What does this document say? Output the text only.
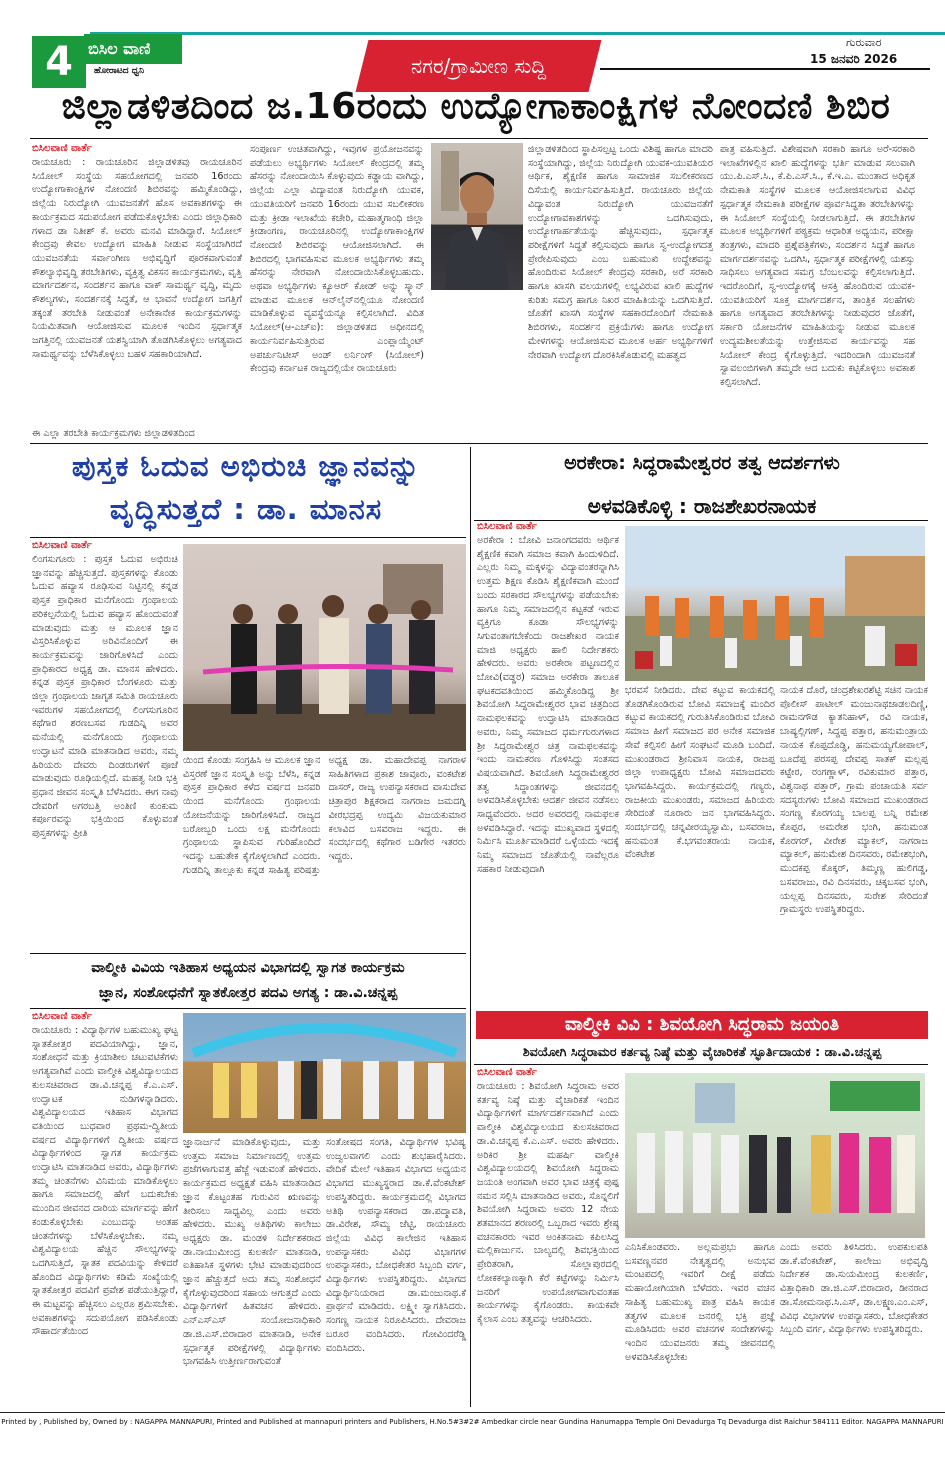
4 ಬಿಸಿಲ ವಾಣಿ
ಹೋರಾಟದ ಧ್ವನಿ	ನಗರ/ಗ್ರಾಮೀಣ ಸುದ್ದಿ
ಗುರುವಾರ
15 ಜನವರಿ 2026
ಜಿಲ್ಲಾಡಳಿತದಿಂದ ಜ.16ರಂದು ಉದ್ಯೋಗಾಕಾಂಕ್ಷಿಗಳ ನೋಂದಣಿ ಶಿಬಿರ
ಬಿಸಿಲವಾಣಿ ವಾರ್ತೆ
ರಾಯಚೂರು : ರಾಯಚೂರಿನ ಜಿಲ್ಲಾಡಳಿತವು ರಾಯಚೂರಿನ ಸಿಯೋಲ್ ಸಂಸ್ಥೆಯ ಸಹಯೋಗದಲ್ಲಿ ಜನವರಿ 16ರಂದು ಉದ್ಯೋಗಾಕಾಂಕ್ಷಿಗಳ ನೋಂದಣಿ ಶಿಬಿರವನ್ನು ಹಮ್ಮಿಕೊಂಡಿದ್ದು, ಜಿಲ್ಲೆಯ ನಿರುದ್ಯೋಗಿ ಯುವಜನತೆಗೆ ಹೊಸ ಅವಕಾಶಗಳನ್ನು ಈ ಕಾರ್ಯಕ್ರಮದ ಸದುಪಯೋಗ ಪಡೆದುಕೊಳ್ಳಬೇಕು ಎಂದು ಜಿಲ್ಲಾಧಿಕಾರಿ ಗಳಾದ ಡಾ ನಿತೀಶ್ ಕೆ. ಅವರು ಮನವಿ ಮಾಡಿದ್ದಾರೆ. ಸಿಯೋಲ್ ಕೇಂದ್ರವು ಕೇವಲ ಉದ್ಯೋಗ ಮಾಹಿತಿ ನೀಡುವ ಸಂಸ್ಥೆಯಾಗಿರದೆ ಯುವಜನತೆಯ ಸರ್ವಾಂಗೀಣ ಅಭಿವೃದ್ಧಿಗೆ ಪೂರಕವಾಗುವಂತೆ ಕೌಶಲ್ಯಾಭಿವೃದ್ಧಿ ತರಬೇತಿಗಳು, ವ್ಯಕ್ತಿತ್ವ ವಿಕಸನ ಕಾರ್ಯಕ್ರಮಗಳು, ವೃತ್ತಿ ಮಾರ್ಗದರ್ಶನ, ಸಂದರ್ಶನ ಹಾಗೂ ವಾಕ್ ಸಾಮರ್ಥ್ಯ ವೃದ್ಧಿ, ಮೃದು ಕೌಶಲ್ಯಗಳು, ಸಂದರ್ಶನಕ್ಕೆ ಸಿದ್ಧತೆ, ಆ ಭಾವನೆ ಉದ್ಯೋಗ ಜಗತ್ತಿಗೆ ತಕ್ಕಂತೆ ತರಬೇತಿ ನೀಡುವಂತೆ ಅನೇಕಾನೇಕ ಕಾರ್ಯಕ್ರಮಗಳನ್ನು ನಿಯಮಿತವಾಗಿ ಆಯೋಜಿಸುವ ಮೂಲಕ ಇಂದಿನ ಸ್ಪರ್ಧಾತ್ಮಕ ಜಗತ್ತಿನಲ್ಲಿ ಯುವಜನತೆ ಯಶಸ್ವಿಯಾಗಿ ತೊಡಗಿಸಿಕೊಳ್ಳಲು ಅಗತ್ಯವಾದ ಸಾಮರ್ಥ್ಯವನ್ನು ಬೆಳೆಸಿಕೊಳ್ಳಲು ಬಹಳ ಸಹಕಾರಿಯಾಗಿದೆ.
ಈ ಎಲ್ಲಾ ತರಬೇತಿ ಕಾರ್ಯಕ್ರಮಗಳು ಜಿಲ್ಲಾಡಳಿತದಿಂದ
ಸಂಪೂರ್ಣ ಉಚಿತವಾಗಿದ್ದು, ಇವುಗಳ ಪ್ರಯೋಜನವನ್ನು ಪಡೆಯಲು ಅಭ್ಯರ್ಥಿಗಳು ಸಿಯೋಲ್ ಕೇಂದ್ರದಲ್ಲಿ ತಮ್ಮ ಹೆಸರನ್ನು ನೋಂದಾಯಿಸಿ ಕೊಳ್ಳುವುದು ಕಡ್ಡಾಯ ವಾಗಿದ್ದು, ಜಿಲ್ಲೆಯ ಎಲ್ಲಾ ವಿದ್ಯಾವಂತ ನಿರುದ್ಯೋಗಿ ಯುವಕ, ಯುವತಿಯರಿಗೆ ಜನವರಿ 16ರಂದು ಯುವ ಸಬಲೀಕರಣ ಮತ್ತು ಕ್ರೀಡಾ ಇಲಾಖೆಯ ಕಚೇರಿ, ಮಹಾತ್ಮಗಾಂಧಿ ಜಿಲ್ಲಾ ಕ್ರೀಡಾಂಗಣ, ರಾಯಚೂರಿನಲ್ಲಿ ಉದ್ಯೋಗಾಕಾಂಕ್ಷಿಗಳ ನೋಂದಣಿ ಶಿಬಿರವನ್ನು ಆಯೋಜಿಸಲಾಗಿದೆ. ಈ ಶಿಬಿರದಲ್ಲಿ ಭಾಗವಹಿಸುವ ಮೂಲಕ ಅಭ್ಯರ್ಥಿಗಳು ತಮ್ಮ ಹೆಸರನ್ನು ನೇರವಾಗಿ ನೋಂದಾಯಿಸಿಕೊಳ್ಳಬಹುದು. ಅಥವಾ ಅಭ್ಯರ್ಥಿಗಳು ಕ್ಯೂಆರ್ ಕೋಡ್ ಅನ್ನು ಸ್ಕ್ಯಾನ್ ಮಾಡುವ ಮೂಲಕ ಆನ್‌ಲೈನ್‌ನಲ್ಲಿಯೂ ನೋಂದಣಿ ಮಾಡಿಕೊಳ್ಳುವ ವ್ಯವಸ್ಥೆಯನ್ನೂ ಕಲ್ಪಿಸಲಾಗಿದೆ. ವಿದಿತ ಸಿಯೋಲ್(ಆ-ಎಚ್ಐ): ಜಿಲ್ಲಾಡಳಿತದ ಅಧೀನದಲ್ಲಿ ಕಾರ್ಯನಿರ್ವಹಿಸುತ್ತಿರುವ ಎಂಪ್ಲಾಯ್ಮೆಂಟ್ ಅಪರ್ಚುನಿಟೀಸ್ ಅಂಡ್ ಲರ್ನಿಂಗ್ (ಸಿಯೋಲ್) ಕೇಂದ್ರವು ಕರ್ನಾಟಕ ರಾಜ್ಯದಲ್ಲಿಯೇ ರಾಯಚೂರು
ಜಿಲ್ಲಾಡಳಿತದಿಂದ ಸ್ಥಾಪಿಸಲ್ಪಟ್ಟ ಒಂದು ವಿಶಿಷ್ಟ ಹಾಗೂ ಮಾದರಿ ಸಂಸ್ಥೆಯಾಗಿದ್ದು, ಜಿಲ್ಲೆಯ ನಿರುದ್ಯೋಗಿ ಯುವಕ-ಯುವತಿಯರ ಆರ್ಥಿಕ, ಶೈಕ್ಷಣಿಕ ಹಾಗೂ ಸಾಮಾಜಿಕ ಸಬಲೀಕರಣದ ದಿಸೆಯಲ್ಲಿ ಕಾರ್ಯನಿರ್ವಹಿಸುತ್ತಿದೆ. ರಾಯಚೂರು ಜಿಲ್ಲೆಯ ವಿದ್ಯಾವಂತ ನಿರುದ್ಯೋಗಿ ಯುವಜನತೆಗೆ ಉದ್ಯೋಗಾವಕಾಶಗಳನ್ನು ಒದಗಿಸುವುದು, ಉದ್ಯೋಗಾರ್ಹತೆಯನ್ನು ಹೆಚ್ಚಿಸುವುದು, ಸ್ಪರ್ಧಾತ್ಮಕ ಪರೀಕ್ಷೆಗಳಿಗೆ ಸಿದ್ಧತೆ ಕಲ್ಪಿಸುವುದು ಹಾಗೂ ಸ್ವ-ಉದ್ಯೋಗದತ್ತ ಪ್ರೇರೇಪಿಸುವುದು ಎಂಬ ಬಹುಮುಖಿ ಉದ್ದೇಶವನ್ನು ಹೊಂದಿರುವ ಸಿಯೋಲ್ ಕೇಂದ್ರವು ಸರಕಾರಿ, ಅರೆ ಸರಕಾರಿ ಹಾಗೂ ಖಾಸಗಿ ವಲಯಗಳಲ್ಲಿ ಲಭ್ಯವಿರುವ ಖಾಲಿ ಹುದ್ದೆಗಳ ಕುರಿತು ಸಮಗ್ರ ಹಾಗೂ ನಿಖರ ಮಾಹಿತಿಯನ್ನು ಒದಗಿಸುತ್ತಿದೆ. ಜೊತೆಗೆ ಖಾಸಗಿ ಸಂಸ್ಥೆಗಳ ಸಹಕಾರದೊಂದಿಗೆ ನೇಮಕಾತಿ ಶಿಬಿರಗಳು, ಸಂದರ್ಶನ ಪ್ರಕ್ರಿಯೆಗಳು ಹಾಗೂ ಉದ್ಯೋಗ ಮೇಳಗಳನ್ನು ಆಯೋಜಿಸುವ ಮೂಲಕ ಅರ್ಹ ಅಭ್ಯರ್ಥಿಗಳಿಗೆ ನೇರವಾಗಿ ಉದ್ಯೋಗ ದೊರಕಿಸಿಕೊಡುವಲ್ಲಿ ಮಹತ್ವದ
ಪಾತ್ರ ವಹಿಸುತ್ತಿದೆ. ವಿಶೇಷವಾಗಿ ಸರಕಾರಿ ಹಾಗೂ ಅರೆ-ಸರಕಾರಿ ಇಲಾಖೆಗಳಲ್ಲಿನ ಖಾಲಿ ಹುದ್ದೆಗಳನ್ನು ಭರ್ತಿ ಮಾಡುವ ಸಲುವಾಗಿ ಯು.ಪಿ.ಎಸ್.ಸಿ., ಕೆ.ಪಿ.ಎಸ್.ಸಿ., ಕೆ.ಇ.ಎ. ಮುಂತಾದ ಅಧಿಕೃತ ನೇಮಕಾತಿ ಸಂಸ್ಥೆಗಳ ಮೂಲಕ ಆಯೋಜಿಸಲಾಗುವ ವಿವಿಧ ಸ್ಪರ್ಧಾತ್ಮಕ ನೇಮಕಾತಿ ಪರೀಕ್ಷೆಗಳ ಪೂರ್ವಸಿದ್ಧತಾ ತರಬೇತಿಗಳನ್ನು ಈ ಸಿಯೋಲ್ ಸಂಸ್ಥೆಯಲ್ಲಿ ನೀಡಲಾಗುತ್ತಿದೆ. ಈ ತರಬೇತಿಗಳ ಮೂಲಕ ಅಭ್ಯರ್ಥಿಗಳಿಗೆ ಪಠ್ಯಕ್ರಮ ಆಧಾರಿತ ಅಧ್ಯಯನ, ಪರೀಕ್ಷಾ ತಂತ್ರಗಳು, ಮಾದರಿ ಪ್ರಶ್ನೆಪತ್ರಿಕೆಗಳು, ಸಂದರ್ಶನ ಸಿದ್ಧತೆ ಹಾಗೂ ಮಾರ್ಗದರ್ಶನವನ್ನು ಒದಗಿಸಿ, ಸ್ಪರ್ಧಾತ್ಮಕ ಪರೀಕ್ಷೆಗಳಲ್ಲಿ ಯಶಸ್ಸು ಸಾಧಿಸಲು ಅಗತ್ಯವಾದ ಸಮಗ್ರ ಬೆಂಬಲವನ್ನು ಕಲ್ಪಿಸಲಾಗುತ್ತಿದೆ. ಇದರೊಂದಿಗೆ, ಸ್ವ-ಉದ್ಯೋಗಕ್ಕೆ ಆಸಕ್ತಿ ಹೊಂದಿರುವ ಯುವಕ-ಯುವತಿಯರಿಗೆ ಸೂಕ್ತ ಮಾರ್ಗದರ್ಶನ, ತಾಂತ್ರಿಕ ಸಲಹೆಗಳು ಹಾಗೂ ಅಗತ್ಯವಾದ ತರಬೇತಿಗಳನ್ನು ನೀಡುವುದರ ಜೊತೆಗೆ, ಸರ್ಕಾರಿ ಯೋಜನೆಗಳ ಮಾಹಿತಿಯನ್ನು ನೀಡುವ ಮೂಲಕ ಉದ್ಯಮಶೀಲತೆಯನ್ನು ಉತ್ತೇಜಿಸುವ ಕಾರ್ಯವನ್ನು ಸಹ ಸಿಯೋಲ್ ಕೇಂದ್ರ ಕೈಗೊಳ್ಳುತ್ತಿದೆ. ಇದರಿಂದಾಗಿ ಯುವಜನತೆ ಸ್ವಾವಲಂಬಿಗಳಾಗಿ ತಮ್ಮದೇ ಆದ ಬದುಕು ಕಟ್ಟಿಕೊಳ್ಳಲು ಅವಕಾಶ ಕಲ್ಪಿಸಲಾಗಿದೆ.
ಪುಸ್ತಕ ಓದುವ ಅಭಿರುಚಿ ಜ್ಞಾನವನ್ನು
ವೃದ್ಧಿಸುತ್ತದೆ : ಡಾ. ಮಾನಸ
ಬಿಸಿಲವಾಣಿ ವಾರ್ತೆ
ಲಿಂಗಸುಗೂರು : ಪುಸ್ತಕ ಓದುವ ಅಭಿರುಚಿ ಜ್ಞಾನವನ್ನು ಹೆಚ್ಚಿಸುತ್ತದೆ. ಪುಸ್ತಕಗಳನ್ನು ಕೊಂಡು ಓದುವ ಹವ್ಯಾಸ ರೂಢಿಸುವ ನಿಟ್ಟಿನಲ್ಲಿ ಕನ್ನಡ ಪುಸ್ತಕ ಪ್ರಾಧಿಕಾರ ಮನೆಗೊಂದು ಗ್ರಂಥಾಲಯ ಪರಿಕಲ್ಪನೆಯಲ್ಲಿ ಓದುವ ಹವ್ಯಾಸ ಹೊಂದುವಂತೆ ಮಾಡುವುದು ಮತ್ತು ಆ ಮೂಲಕ ಜ್ಞಾನ ವಿಸ್ತರಿಸಿಕೊಳ್ಳುವ ಅರಿವಿನೊಂದಿಗೆ ಈ ಕಾರ್ಯಕ್ರಮವನ್ನು ಜಾರಿಗೊಳಿಸಿದೆ ಎಂದು ಪ್ರಾಧಿಕಾರದ ಅಧ್ಯಕ್ಷ ಡಾ. ಮಾನಸ ಹೇಳಿದರು. ಕನ್ನಡ ಪುಸ್ತಕ ಪ್ರಾಧಿಕಾರ ಬೆಂಗಳೂರು ಮತ್ತು ಜಿಲ್ಲಾ ಗ್ರಂಥಾಲಯ ಜಾಗೃತ ಸಮಿತಿ ರಾಯಚೂರು ಇವರುಗಳ ಸಹಯೋಗದಲ್ಲಿ ಲಿಂಗಸುಗೂರಿನ ಕಥೆಗಾರ ಶರಣಬಸವ ಗುಡದಿನ್ನಿ ಅವರ ಮನೆಯಲ್ಲಿ ಮನೆಗೊಂದು ಗ್ರಂಥಾಲಯ ಉದ್ಘಾಟನೆ ಮಾಡಿ ಮಾತನಾಡಿದ ಅವರು, ನಮ್ಮ ಹಿರಿಯರು ದೇವರು ದಿಂಡರುಗಳಿಗೆ ಪೂಜೆ ಮಾಡುವುದು ರೂಢಿಯಲ್ಲಿದೆ. ಮಹತ್ವ ನೀಡಿ ಭಕ್ತಿ ಪ್ರಧಾನ ಜೀವನ ಸಂಸ್ಕೃತಿ ಬೆಳೆಸಿದರು. ಈಗ ನಾವು ದೇವರಿಗೆ ಅಗರಬತ್ತಿ ಅಂತಿಣಿ ಕುಂಕುಮ ಕರ್ಪೂರವನ್ನು ಭಕ್ತಿಯಿಂದ ಕೊಳ್ಳುವಂತೆ ಪುಸ್ತಕಗಳನ್ನು ಪ್ರೀತಿ
ಯಿಂದ ಕೊಂಡು ಸಂಗ್ರಹಿಸಿ ಆ ಮೂಲಕ ಜ್ಞಾನ ವಿಸ್ತರಣೆ ಜ್ಞಾನ ಸಂಸ್ಕೃತಿ ಅನ್ನು ಬೆಳೆಸಿ, ಕನ್ನಡ ಪುಸ್ತಕ ಪ್ರಾಧಿಕಾರ ಕಳೆದ ವರ್ಷದ ಜನವರಿ ಯಿಂದ ಮನೆಗೊಂದು ಗ್ರಂಥಾಲಯ ಯೋಜನೆಯನ್ನು ಜಾರಿಗೊಳಿಸಿದೆ. ರಾಜ್ಯದ ಬರೋಬ್ಬರಿ ಒಂದು ಲಕ್ಷ ಮನೆಗೊಂದು ಗ್ರಂಥಾಲಯ ಸ್ಥಾಪಿಸುವ ಗುರಿಹೊಂದಿದೆ ಇದನ್ನು ಬಹುತೇಕ ಕೈಗೊಳ್ಳಲಾಗಿದೆ ಎಂದರು. ಗುಡದಿನ್ನಿ ತಾಲ್ಲೂಕು ಕನ್ನಡ ಸಾಹಿತ್ಯ ಪರಿಷತ್ತು ಅಧ್ಯಕ್ಷ ಡಾ. ಮಹಾದೇವಪ್ಪ ನಾಗರಾಳ ಸಾಹಿತಿಗಳಾದ ಪ್ರಕಾಶ ಜಾವೂರು, ವಂಕಟೇಶ ದಾಸರ್, ರಾಜ್ಯ ಉಪನ್ಯಾಸಕರಾದ ವಾಸುದೇವ ಚಿತ್ರಾಪುರ ಶಿಕ್ಷಕರಾದ ನಾಗರಾಜ ಜಮದಗ್ನಿ ವೀರಭದ್ರಪ್ಪ ಉದ್ಯಮಿ ವಿಜಯಕುಮಾರ ಕಲಾವಿದ ಬಸವರಾಜ ಇದ್ದರು. ಈ ಸಂದರ್ಭದಲ್ಲಿ ಕಥೆಗಾರ ಬಡಿಗೇರ ಇತರರು ಇದ್ದರು.
ಅರಕೇರಾ: ಸಿದ್ಧರಾಮೇಶ್ವರರ ತತ್ವ ಆದರ್ಶಗಳು
ಅಳವಡಿಕೊಳ್ಳಿ : ರಾಜಶೇಖರನಾಯಕ
ಬಿಸಿಲವಾಣಿ ವಾರ್ತೆ
ಅರಕೇರಾ : ಬೋವಿ ಜನಾಂಗದವರು ಆರ್ಥಿಕ ಶೈಕ್ಷಣಿಕ ಕವಾಗಿ ಸಮಾಜ ಕವಾಗಿ ಹಿಂದುಳಿದಿದೆ. ಎಲ್ಲರು ನಿಮ್ಮ ಮಕ್ಕಳನ್ನು ವಿದ್ಯಾವಂತರನ್ನಾಗಿಸಿ ಉತ್ತಮ ಶಿಕ್ಷಣ ಕೊಡಿಸಿ ಶೈಕ್ಷಣಿಕವಾಗಿ ಮುಂದೆ ಬಂದು ಸರಕಾರದ ಸೌಲಭ್ಯಗಳನ್ನು ಪಡೆಯಬೇಕು ಹಾಗೂ ನಿಮ್ಮ ಸಮಾಜದಲ್ಲಿನ ಕಟ್ಟಕಡೆ ಇರುವ ವ್ಯಕ್ತಿಗೂ ಕೂಡಾ ಸೌಲಭ್ಯಗಳನ್ನು ಸಿಗುವಂತಾಗಬೇಕೆಂದು ರಾಜಶೇಖರ ನಾಯಕ ಮಾಜಿ ಅಧ್ಯಕ್ಷರು ಹಾಲಿ ನಿರ್ದೇಶಕರು ಹೇಳಿದರು. ಅವರು ಅರಕೇರಾ ಪಟ್ಟಣದಲ್ಲಿನ ಬೋವಿ(ವಡ್ಡರ) ಸಮಾಜ ಅರಕೇರಾ ತಾಲೂಕ ಘಟಕದವತಿಯಿಂದ ಹಮ್ಮಿಕೊಂಡಿದ್ದ ಶ್ರೀ ಶಿವಯೋಗಿ ಸಿದ್ಧರಾಮೇಶ್ವರರ ಭಾವ ಚಿತ್ರದಿಂದ ನಾಮಫಲಕವನ್ನು ಉದ್ಘಾಟಿಸಿ ಮಾತನಾಡಿದ ಅವರು, ನಿಮ್ಮ ಸಮಾಜದ ಧರ್ಮಗುರುಗಳಾದ ಶ್ರೀ ಸಿದ್ಧರಾಮೇಶ್ವರ ಚಿತ್ರ ನಾಮಫಲಕವನ್ನು ಇಂದು ನಾಮಕರಣ ಗೊಳಿಸಿದ್ದು ಸಂತಸದ ವಿಷಯವಾಗಿದೆ. ಶಿವಯೋಗಿ ಸಿದ್ದರಾಮೇಶ್ವರರ ತತ್ವ ಸಿದ್ಧಾಂತಗಳನ್ನು ಜೀವನದಲ್ಲಿ ಅಳವಡಿಸಿಕೊಳ್ಳಬೇಕು ಆದರ್ಶ ಜೀವನ ನಡೆಸಲು ಸಾಧ್ಯವೆಂದರು. ಅದರ ಅವರದಲ್ಲಿ ನಾಮಫಲಕ ಅಳವಡಿಸಿದ್ದಾರೆ. ಇದನ್ನು ಮುಖ್ಯವಾದ ಸ್ಥಳದಲ್ಲಿ ನಿರ್ಮಿಸಿ ಮೂರ್ತಿಮಾಡಿದರೆ ಒಳ್ಳೆಯದು ಇದಕ್ಕೆ ನಿಮ್ಮ ಸಮಾಜದ ಜೊತೆಯಲ್ಲಿ ನಾವೆಲ್ಲರೂ ಸಹಕಾರ ನೀಡುವುದಾಗಿ
ಭರವಸೆ ನೀಡಿದರು. ದೇವ ಕಟ್ಟುವ ಕಾಯಕದಲ್ಲಿ ತೊಡಗಿಕೊಂಡಿರುವ ಬೋವಿ ಸಮಾಜಕ್ಕೆ ಮಂದಿರ ಕಟ್ಟುವ ಕಾಯಕದಲ್ಲಿ ಗುರುತಿಸಿಕೊಂಡಿರುವ ಬೋವಿ ಸಮಾಜ ಹೀಗೆ ಸಮಾಜದ ಪರ ಅನೇಕ ಸಮಾಜಿಕ ಸೇವೆ ಕಲ್ಪಿಸಲಿ ಹೀಗೆ ಸಂಘಟನೆ ಮೂಡಿ ಬಂದಿದೆ. ಮುಖಂಡರಾದ ಶ್ರೀನಿವಾಸ ನಾಯಕ, ರಾಜಪ್ಪ ಜಿಲ್ಲಾ ಉಪಾಧ್ಯಕ್ಷರು ಬೋವಿ ಸಮಾಜದವರು ಭಾಗವಹಿಸಿದ್ದರು. ಕಾರ್ಯಕ್ರಮದಲ್ಲಿ ಗಣ್ಯರು, ರಾಜಕೀಯ ಮುಖಂಡರು, ಸಮಾಜದ ಹಿರಿಯರು ಸೇರಿದಂತೆ ನೂರಾರು ಜನ ಭಾಗವಹಿಸಿದ್ದರು. ಸಂದರ್ಭದಲ್ಲಿ ಚನ್ನವೀರಯ್ಯಸ್ವಾಮಿ, ಬಸವರಾಜ, ಹನುಮಂತ ಕೆ.ಭಗವಂತರಾಯ ನಾಯಕ, ವೆಂಕಟೇಶ
ನಾಯಕ ದೊರೆ, ಚಂದ್ರಶೇಖರಶೆಟ್ಟಿ ಸಚಿನ ನಾಯಕ ಪೊಲೀಸ್ ಪಾಟೀಲ್ ಮಂಜುನಾಥಜಾಡಲದಿಣ್ಣಿ, ರಾಮನಗೌಡ ಕ್ಯಾತನಿಹಾಳ್, ರವಿ ನಾಯಕ, ಬಾಷ್ಯಲ್ಲಿಗಣ್, ಸಿದ್ದಪ್ಪ ಪತ್ತಾರ, ಹನುಮಂತ್ರಾಯ ನಾಯಕ ಕೊಪ್ಪದೊಡ್ಡಿ, ಹನುಮಯ್ಯಗೋಪಾಲ್, ಬೂದೆಪ್ಪ ಪರಸಪ್ಪ ದೇವಪ್ಪ ಸಾತಕ್ ಮಲ್ಲಪ್ಪ ಕಟ್ಟೇರ, ರಂಗಣ್ಣಾಳ್, ರವಿಕುಮಾರ ಪತ್ತಾರ, ವಿಶ್ವನಾಥ ಪತ್ತಾರ್, ಗ್ರಾಮ ಪಂಚಾಯತಿ ಸರ್ವ ಸದಸ್ಯರುಗಳು ಬೋವಿ ಸಮಾಜದ ಮುಖಂಡರಾದ ಸಂಗಣ್ಣ ಕೊರಗಯ್ಯ ಬಾಲಪ್ಪ ಬನ್ನಿ ರಮೇಶ ಕೊಪ್ಪರ, ಅಮರೇಶ ಭಂಗಿ, ಹನುಮಂತ ಕೊರಗರ್, ವೀರೇಶ ಮ್ಯಾಕಲ್, ನಾಗರಾಜ ಮ್ಯಾಕಲ್, ಹನುಮೇಶ ದಿನಸವರು, ರಮೇಶಭಂಗಿ, ಮುದಕಪ್ಪ ಕೊಕ್ಕರ್, ತಿಮ್ಮಣ್ಣ ಹುಲಿಗಡ್ಡ, ಬಸವರಾಜು, ರವಿ ದಿನಸವರು, ಚಿಕ್ಕಬಸವ ಭಂಗಿ, ಯಲ್ಲಪ್ಪ ದಿನಸವರು, ಸುರೇಶ ಸೇರಿದಂತೆ ಗ್ರಾಮಸ್ಥರು ಉಪಸ್ಥಿತರಿದ್ದರು.
ವಾಲ್ಮೀಕಿ ವಿವಿಯ ಇತಿಹಾಸ ಅಧ್ಯಯನ ವಿಭಾಗದಲ್ಲಿ ಸ್ವಾಗತ ಕಾರ್ಯಕ್ರಮ
ಜ್ಞಾನ, ಸಂಶೋಧನೆಗೆ ಸ್ನಾತಕೋತ್ತರ ಪದವಿ ಅಗತ್ಯ : ಡಾ.ವಿ.ಚನ್ನಪ್ಪ
ಬಿಸಿಲವಾಣಿ ವಾರ್ತೆ
ರಾಯಚೂರು : ವಿದ್ಯಾರ್ಥಿಗಳ ಬಹುಮುಖ್ಯ ಘಟ್ಟ ಸ್ನಾತಕೋತ್ತರ ಪದವಿಯಾಗಿದ್ದು, ಜ್ಞಾನ, ಸಂಶೋಧನೆ ಮತ್ತು ಕ್ರಿಯಾಶೀಲ ಚಟುವಟಿಕೆಗಳು ಅಗತ್ಯವಾಗಿವೆ ಎಂದು ವಾಲ್ಮೀಕಿ ವಿಶ್ವವಿದ್ಯಾಲಯದ ಕುಲಸಚಿವರಾದ ಡಾ.ವಿ.ಚನ್ನಪ್ಪ ಕೆ.ಎ.ಎಸ್. ಉದ್ಘಾಟಕ ನುಡಿಗಳನ್ನಾಡಿದರು. ವಿಶ್ವವಿದ್ಯಾಲಯದ ಇತಿಹಾಸ ವಿಭಾಗದ ವತಿಯಿಂದ ಬುಧವಾರ ಪ್ರಥಮ-ದ್ವಿತೀಯ ವರ್ಷದ ವಿದ್ಯಾರ್ಥಿಗಳಿಗೆ ದ್ವಿತೀಯ ವರ್ಷದ ವಿದ್ಯಾರ್ಥಿಗಳಿಂದ ಸ್ವಾಗತ ಕಾರ್ಯಕ್ರಮ ಉದ್ಘಾಟಿಸಿ ಮಾತನಾಡಿದ ಅವರು, ವಿದ್ಯಾರ್ಥಿಗಳು ತಮ್ಮ ಚಿಂತನೆಗಳು ವಿನಿಮಯ ಮಾಡಿಕೊಳ್ಳಲು ಹಾಗೂ ಸಮಾಜದಲ್ಲಿ ಹೇಗೆ ಬದುಕಬೇಕು ಮುಂದಿನ ಜೀವನದ ದಾರಿಯ ಮಾರ್ಗವನ್ನು ಹೇಗೆ ಕಂಡುಕೊಳ್ಳಬೇಕು ಎಂಬುದನ್ನು ಅಂತಹ ಚಿಂತನೆಗಳನ್ನು ಬೆಳೆಸಿಕೊಳ್ಳಬೇಕು. ನಮ್ಮ ವಿಶ್ವವಿದ್ಯಾಲಯ ಹೆಚ್ಚಿನ ಸೌಲಭ್ಯಗಳನ್ನು ಒದಗಿಸುತ್ತಿದೆ, ಸ್ನಾತಕ ಪದವಿಯನ್ನು ಕೇಳಿದರೆ ಹೊಂದಿದ ವಿದ್ಯಾರ್ಥಿಗಳು ಕಡಿಮೆ ಸಂಖ್ಯೆಯಲ್ಲಿ ಸ್ನಾತಕೋತ್ತರ ಪದವಿಗೆ ಪ್ರವೇಶ ಪಡೆಯುತ್ತಿದ್ದಾರೆ, ಈ ಮಟ್ಟವನ್ನು ಹೆಚ್ಚಿಸಲು ಎಲ್ಲರೂ ಶ್ರಮಿಸಬೇಕು. ಅವಕಾಶಗಳನ್ನು ಸದುಪಯೋಗ ಪಡಿಸಿಕೊಂಡು ಸೌಹಾರ್ದತೆಯಿಂದ
ಜ್ಞಾನಾರ್ಜನೆ ಮಾಡಿಕೊಳ್ಳುವುದು, ಮತ್ತು ಉತ್ತಮ ಸಮಾಜ ನಿರ್ಮಾಣದಲ್ಲಿ ಉತ್ತಮ ಪ್ರಜೆಗಳಾಗುವತ್ತ ಹೆಜ್ಜೆ ಇಡುವಂತೆ ಹೇಳಿದರು. ಕಾರ್ಯಕ್ರಮದ ಅಧ್ಯಕ್ಷತೆ ವಹಿಸಿ ಮಾತನಾಡಿದ ಜ್ಞಾನ ಕೊಟ್ಟಂತಹ ಗುರುವಿನ ಋಣವನ್ನು ತೀರಿಸಲು ಸಾಧ್ಯವಿಲ್ಲ ಎಂದು ಅವರು ಹೇಳಿದರು. ಮುಖ್ಯ ಅತಿಥಿಗಳು ಕಾಲೇಜು ಅಧ್ಯಕ್ಷರು ಡಾ. ಮಂಡಳಿ ನಿರ್ದೇಶಕರಾದ ಡಾ.ನಾಯುಮೀಂದ್ರ ಕುಲಕರ್ಣಿ ಮಾತನಾಡಿ, ಐತಿಹಾಸಿಕ ಸ್ಥಳಗಳು ಭೇಟಿ ಮಾಡುವುದರಿಂದ ಜ್ಞಾನ ಹೆಚ್ಚುತ್ತದೆ ಅದು ತಮ್ಮ ಸಂಶೋಧನೆ ಕೈಗೊಳ್ಳುವುದರಿಂದ ಸಹಾಯ ಆಗುತ್ತದೆ ಎಂದು ವಿದ್ಯಾರ್ಥಿಗಳಿಗೆ ಹಿತವಚನ ಹೇಳಿದರು. ಎನ್ಎಸ್ಎಸ್ ಸಂಯೋಜನಾಧಿಕಾರಿ ಡಾ.ಜಿ.ಎಸ್.ಬಿರಾದಾರ ಮಾತನಾಡಿ, ಅನೇಕ ಸ್ಪರ್ಧಾತ್ಮಕ ಪರೀಕ್ಷೆಗಳಲ್ಲಿ ವಿದ್ಯಾರ್ಥಿಗಳು ಭಾಗವಹಿಸಿ ಉತ್ತೀರ್ಣರಾಗುವಂತೆ
ಸಂತೋಷದ ಸಂಗತಿ, ವಿದ್ಯಾರ್ಥಿಗಳ ಭವಿಷ್ಯ ಉಜ್ವಲವಾಗಲಿ ಎಂದು ಶುಭಹಾರೈಸಿದರು. ವೇದಿಕೆ ಮೇಲೆ ಇತಿಹಾಸ ವಿಭಾಗದ ಅಧ್ಯಯನ ವಿಭಾಗದ ಮುಖ್ಯಸ್ಥರಾದ ಡಾ.ಕೆ.ವೆಂಕಟೇಶ್ ಉಪಸ್ಥಿತರಿದ್ದರು. ಕಾರ್ಯಕ್ರಮದಲ್ಲಿ ವಿಭಾಗದ ಅತಿಥಿ ಉಪನ್ಯಾಸಕರಾದ ಡಾ.ಪದ್ಮಾವತಿ, ಡಾ.ವಿರೇಶ, ಸೌಮ್ಯ ಜೆಟ್ಟಿ, ರಾಯಚೂರು ಜಿಲ್ಲೆಯ ವಿವಿಧ ಕಾಲೇಜಿನ ಇತಿಹಾಸ ಉಪನ್ಯಾಸಕರು ವಿವಿಧ ವಿಭಾಗಗಳ ಉಪನ್ಯಾಸಕರು, ಬೋಧಕೇತರ ಸಿಬ್ಬಂದಿ ವರ್ಗ, ವಿದ್ಯಾರ್ಥಿಗಳು ಉಪಸ್ಥಿತರಿದ್ದರು. ವಿಭಾಗದ ವಿದ್ಯಾರ್ಥಿನಿಯರಾದ ಡಾ.ಮಂಜುನಾಥ.ಕೆ ಪ್ರಾರ್ಥನೆ ಮಾಡಿದರು. ಲಕ್ಷ್ಮೀ ಸ್ವಾಗತಿಸಿದರು. ಸಂಗಣ್ಣ ನಾಯಕ ನಿರೂಪಿಸಿದರು. ದೇವರಾಜ ಬರೂರ ವಂದಿಸಿದರು. ಗೋವಿಂದರೆಡ್ಡಿ ವಂದಿಸಿದರು.
ವಾಲ್ಮೀಕಿ ವಿವಿ : ಶಿವಯೋಗಿ ಸಿದ್ಧರಾಮ ಜಯಂತಿ
ಶಿವಯೋಗಿ ಸಿದ್ಧರಾಮರ ಕರ್ತವ್ಯ ನಿಷ್ಠೆ ಮತ್ತು ವೈಚಾರಿಕತೆ ಸ್ಫೂರ್ತಿದಾಯಕ : ಡಾ.ವಿ.ಚನ್ನಪ್ಪ
ಬಿಸಿಲವಾಣಿ ವಾರ್ತೆ
ರಾಯಚೂರು : ಶಿವಯೋಗಿ ಸಿದ್ಧರಾಮ ಅವರ ಕರ್ತವ್ಯ ನಿಷ್ಠೆ ಮತ್ತು ವೈಚಾರಿಕತೆ ಇಂದಿನ ವಿದ್ಯಾರ್ಥಿಗಳಿಗೆ ಮಾರ್ಗದರ್ಶನವಾಗಿದೆ ಎಂದು ವಾಲ್ಮೀಕಿ ವಿಶ್ವವಿದ್ಯಾಲಯದ ಕುಲಸಚಿವರಾದ ಡಾ.ವಿ.ಚನ್ನಪ್ಪ ಕೆ.ಎ.ಎಸ್. ಅವರು ಹೇಳಿದರು. ಅರಿಕಿರ ಶ್ರೀ ಮಹರ್ಷಿ ವಾಲ್ಮೀಕಿ ವಿಶ್ವವಿದ್ಯಾಲಯದಲ್ಲಿ ಶಿವಯೋಗಿ ಸಿದ್ಧರಾಮ ಜಯಂತಿ ಅಂಗವಾಗಿ ಅವರ ಭಾವ ಚಿತ್ರಕ್ಕೆ ಪುಷ್ಪ ನಮನ ಸಲ್ಲಿಸಿ ಮಾತನಾಡಿದ ಅವರು, ಸೊನ್ನಲಿಗೆ ಶಿವಯೋಗಿ ಸಿದ್ಧರಾಮ ಅವರು 12 ನೇಯ ಶತಮಾನದ ಶರಣರಲ್ಲಿ ಒಬ್ಬರಾದ ಇವರು ಶ್ರೇಷ್ಠ ವಚನಕಾರರು ಇವರ ಅಂಕಿತನಾಮ ಕಪಿಲಸಿದ್ಧ ಮಲ್ಲಿಕಾರ್ಜುನ. ಬಾಲ್ಯದಲ್ಲಿ ಶಿವಭಕ್ತಿಯಿಂದ ಪ್ರೇರಿತರಾಗಿ, ಸೊಲ್ಲಾಪುರದಲ್ಲಿ ಲೋಕಕಲ್ಯಾಣಕ್ಕಾಗಿ ಕೆರೆ ಕಟ್ಟೆಗಳನ್ನು ನಿರ್ಮಿಸಿ ಜನರಿಗೆ ಉಪಯೋಗವಾಗುವಂತಹ ಕಾರ್ಯಗಳನ್ನು ಕೈಗೊಂಡರು. ಕಾಯಕವೇ ಕೈಲಾಸ ಎಂಬ ತತ್ವವನ್ನು ಆಚರಿಸಿದರು.
ಎನಿಸಿಕೊಂಡವರು. ಅಲ್ಲಮಪ್ರಭು ಹಾಗೂ ಬಸವಣ್ಣನವರ ನೇತೃತ್ವದಲ್ಲಿ ಅನುಭವ ಮಂಟಪದಲ್ಲಿ ಇವರಿಗೆ ದೀಕ್ಷೆ ಪಡೆದು ಮಹಾಯೋಗಿಯಾಗಿ ಬೆಳೆದರು. ಇವರ ವಚನ ಸಾಹಿತ್ಯ ಬಹುಮುಖ್ಯ ಪಾತ್ರ ವಹಿಸಿ ಕಾಯಕ ತತ್ವಗಳ ಮೂಲಕ ಜನರಲ್ಲಿ ಭಕ್ತಿ ಪ್ರಜ್ಞೆ ಮೂಡಿಸಿದರು ಅವರ ವಚನಗಳ ಸಂದೇಶಗಳನ್ನು ಇಂದಿನ ಯುವಜನರು ತಮ್ಮ ಜೀವನದಲ್ಲಿ ಅಳವಡಿಸಿಕೊಳ್ಳಬೇಕು
ಎಂದು ಅವರು ತಿಳಿಸಿದರು. ಉಪಕುಲಪತಿ ಡಾ.ಕೆ.ವೆಂಕಟೇಶ್, ಕಾಲೇಜು ಅಭಿವೃದ್ಧಿ ನಿರ್ದೇಶಕ ಡಾ.ಸುಯಮೀಂದ್ರ ಕುಲಕರ್ಣಿ, ವಿತ್ತಾಧಿಕಾರಿ ಡಾ.ಜಿ.ಎಸ್.ಬಿರಾದಾರ, ಡೀನರಾದ ಡಾ.ಸೋಮನಾಥ.ಸಿ.ಎಸ್, ಡಾ.ಲಕ್ಷ್ಮಣ.ಎಂ.ಎಸ್, ವಿವಿಧ ವಿಭಾಗಗಳ ಉಪನ್ಯಾಸಕರು, ಬೋಧಕೇತರ ಸಿಬ್ಬಂದಿ ವರ್ಗ, ವಿದ್ಯಾರ್ಥಿಗಳು ಉಪಸ್ಥಿತರಿದ್ದರು.
Printed by , Published by, Owned by : NAGAPPA MANNAPURI, Printed and Published at mannapuri printers and Publishers, H.No.5#3#2# Ambedkar circle near Gundina Hanumappa Temple Oni Devadurga Tq Devadurga dist Raichur 584111 Editor. NAGAPPA MANNAPURI
